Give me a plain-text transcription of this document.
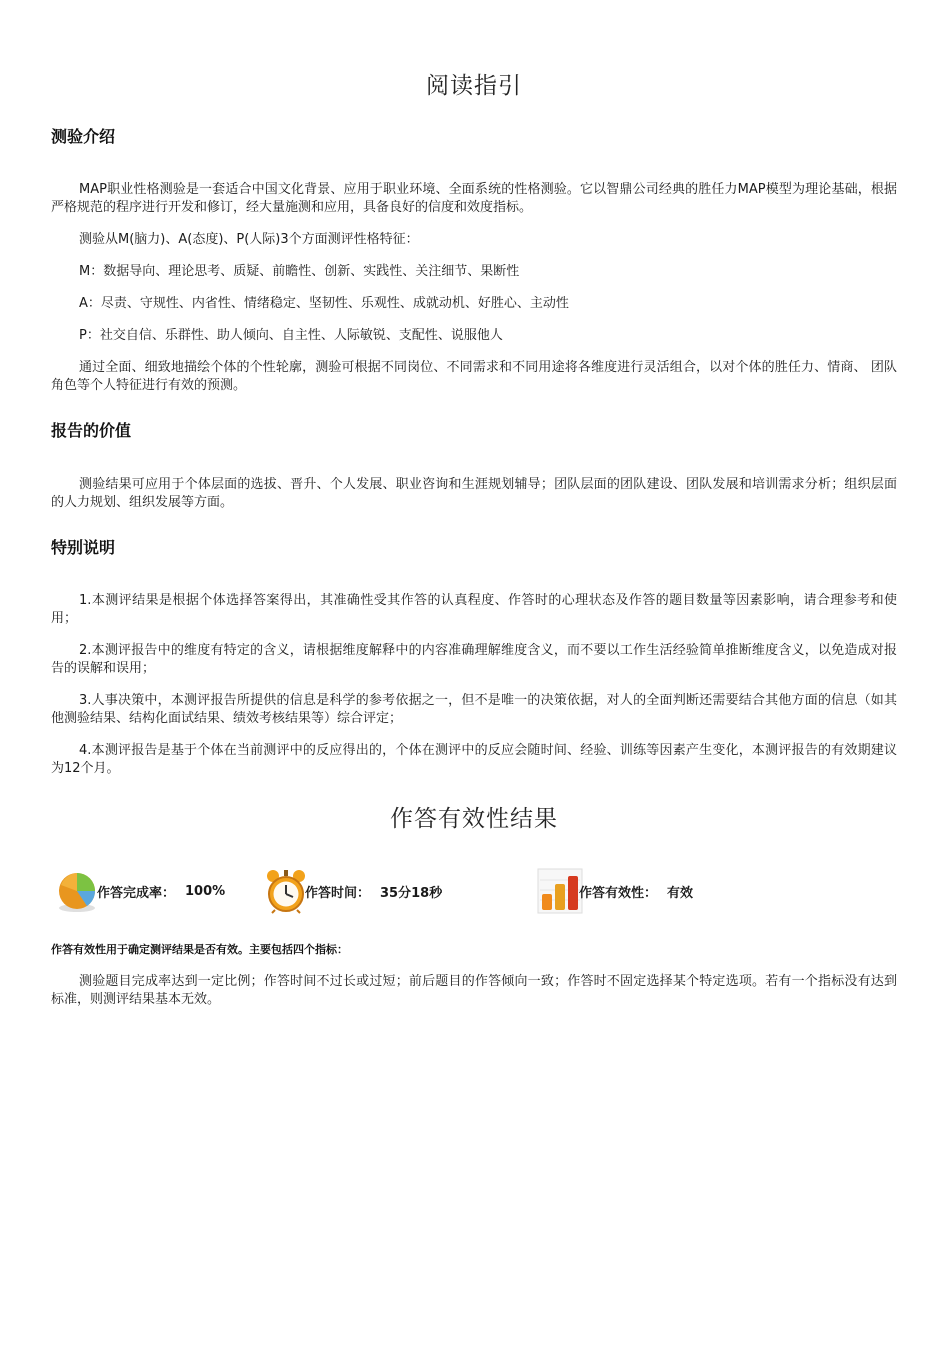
阅读指引
测验介绍
MAP职业性格测验是一套适合中国文化背景、应用于职业环境、全面系统的性格测验。它以智鼎公司经典的胜任力MAP模型为理论基础，根据严格规范的程序进行开发和修订，经大量施测和应用，具备良好的信度和效度指标。
测验从M(脑力)、A(态度)、P(人际)3个方面测评性格特征：
M：数据导向、理论思考、质疑、前瞻性、创新、实践性、关注细节、果断性
A：尽责、守规性、内省性、情绪稳定、坚韧性、乐观性、成就动机、好胜心、主动性
P：社交自信、乐群性、助人倾向、自主性、人际敏锐、支配性、说服他人
通过全面、细致地描绘个体的个性轮廓，测验可根据不同岗位、不同需求和不同用途将各维度进行灵活组合，以对个体的胜任力、情商、 团队角色等个人特征进行有效的预测。
报告的价值
测验结果可应用于个体层面的选拔、晋升、个人发展、职业咨询和生涯规划辅导；团队层面的团队建设、团队发展和培训需求分析；组织层面的人力规划、组织发展等方面。
特别说明
1.本测评结果是根据个体选择答案得出，其准确性受其作答的认真程度、作答时的心理状态及作答的题目数量等因素影响，请合理参考和使用；
2.本测评报告中的维度有特定的含义，请根据维度解释中的内容准确理解维度含义，而不要以工作生活经验简单推断维度含义，以免造成对报告的误解和误用；
3.人事决策中，本测评报告所提供的信息是科学的参考依据之一，但不是唯一的决策依据，对人的全面判断还需要结合其他方面的信息（如其他测验结果、结构化面试结果、绩效考核结果等）综合评定；
4.本测评报告是基于个体在当前测评中的反应得出的，个体在测评中的反应会随时间、经验、训练等因素产生变化，本测评报告的有效期建议为12个月。
作答有效性结果
作答完成率： 100%	作答时间： 35分18秒	作答有效性： 有效
作答有效性用于确定测评结果是否有效。主要包括四个指标：
测验题目完成率达到一定比例；作答时间不过长或过短；前后题目的作答倾向一致；作答时不固定选择某个特定选项。若有一个指标没有达到标准，则测评结果基本无效。
